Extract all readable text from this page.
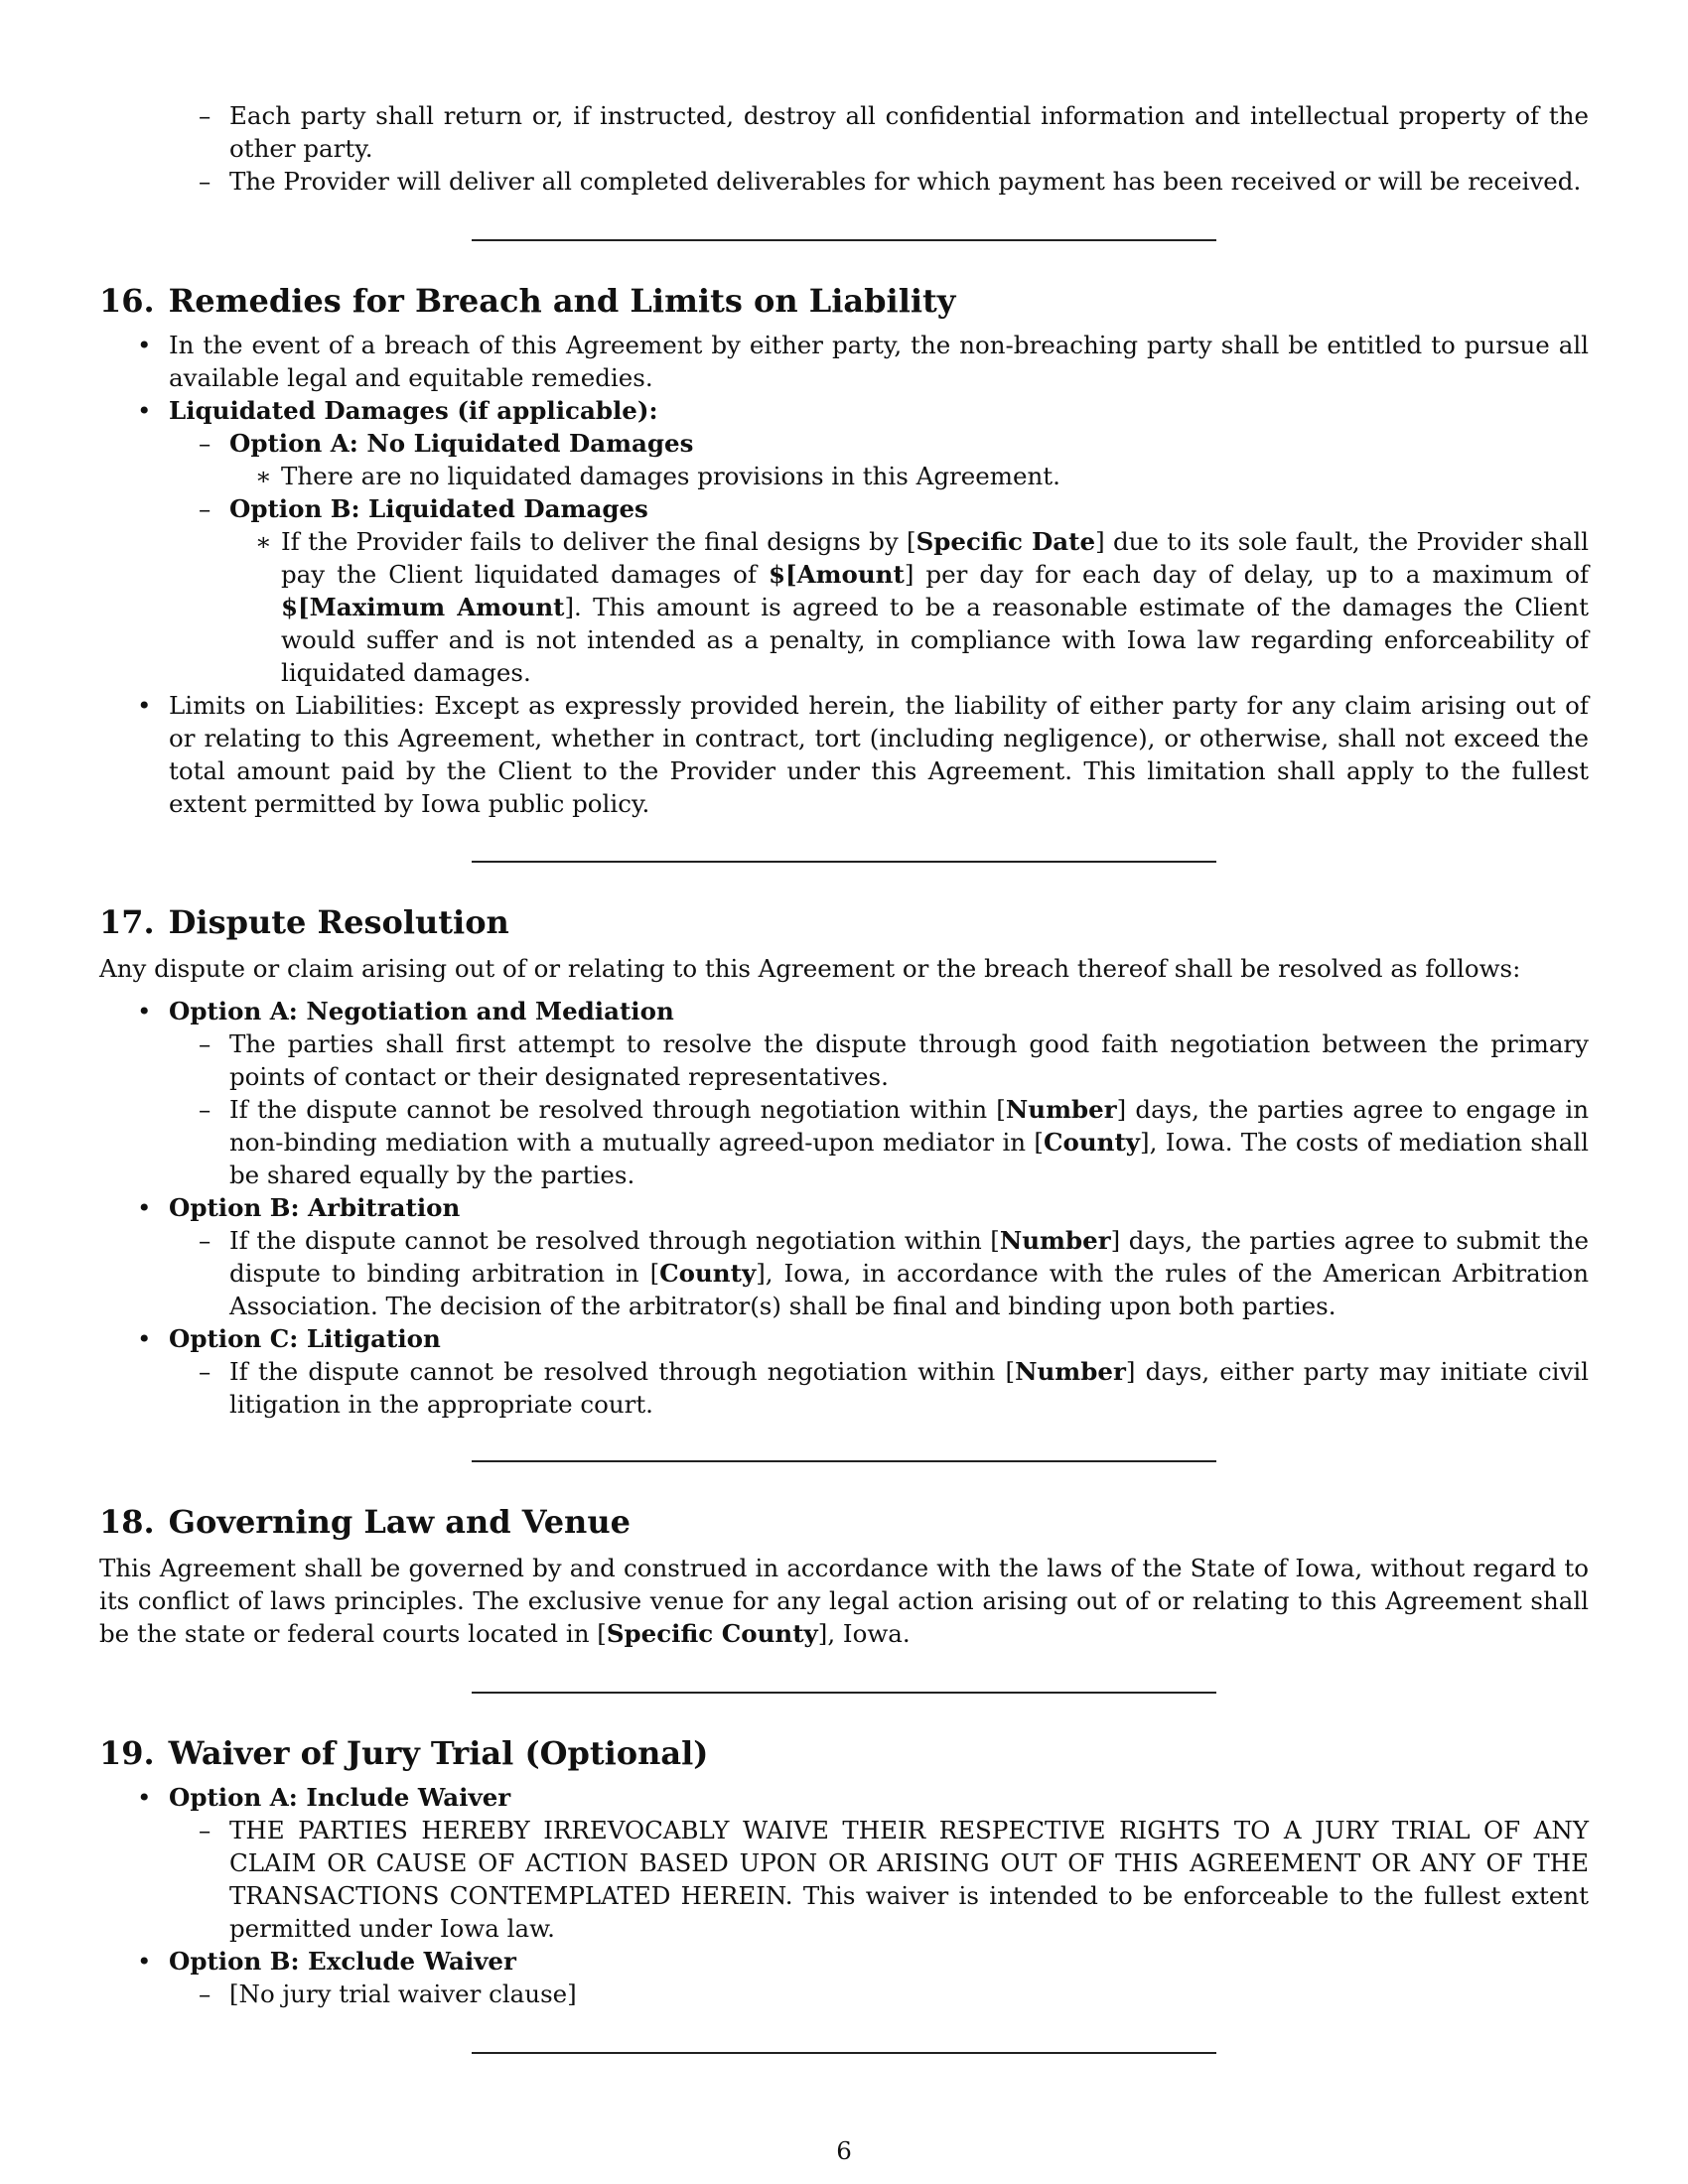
– Each party shall return or, if instructed, destroy all confidential information and intellectual property of the other party.
– The Provider will deliver all completed deliverables for which payment has been received or will be received.
16. Remedies for Breach and Limits on Liability
• In the event of a breach of this Agreement by either party, the non-breaching party shall be entitled to pursue all available legal and equitable remedies.
• Liquidated Damages (if applicable):
– Option A: No Liquidated Damages
∗ There are no liquidated damages provisions in this Agreement.
– Option B: Liquidated Damages
∗ If the Provider fails to deliver the final designs by [Specific Date] due to its sole fault, the Provider shall pay the Client liquidated damages of $[Amount] per day for each day of delay, up to a maximum of $[Maximum Amount]. This amount is agreed to be a reasonable estimate of the damages the Client would suffer and is not intended as a penalty, in compliance with Iowa law regarding enforceability of liquidated damages.
• Limits on Liabilities: Except as expressly provided herein, the liability of either party for any claim arising out of or relating to this Agreement, whether in contract, tort (including negligence), or otherwise, shall not exceed the total amount paid by the Client to the Provider under this Agreement. This limitation shall apply to the fullest extent permitted by Iowa public policy.
17. Dispute Resolution

Any dispute or claim arising out of or relating to this Agreement or the breach thereof shall be resolved as follows:

• Option A: Negotiation and Mediation
– The parties shall first attempt to resolve the dispute through good faith negotiation between the primary points of contact or their designated representatives.
– If the dispute cannot be resolved through negotiation within [Number] days, the parties agree to engage in non-binding mediation with a mutually agreed-upon mediator in [County], Iowa. The costs of mediation shall be shared equally by the parties.
• Option B: Arbitration
– If the dispute cannot be resolved through negotiation within [Number] days, the parties agree to submit the dispute to binding arbitration in [County], Iowa, in accordance with the rules of the American Arbitration Association. The decision of the arbitrator(s) shall be final and binding upon both parties.
• Option C: Litigation
– If the dispute cannot be resolved through negotiation within [Number] days, either party may initiate civil litigation in the appropriate court.
18. Governing Law and Venue

This Agreement shall be governed by and construed in accordance with the laws of the State of Iowa, without regard to its conflict of laws principles. The exclusive venue for any legal action arising out of or relating to this Agreement shall be the state or federal courts located in [Specific County], Iowa.

19. Waiver of Jury Trial (Optional)
• Option A: Include Waiver
– THE PARTIES HEREBY IRREVOCABLY WAIVE THEIR RESPECTIVE RIGHTS TO A JURY TRIAL OF ANY CLAIM OR CAUSE OF ACTION BASED UPON OR ARISING OUT OF THIS AGREEMENT OR ANY OF THE TRANSACTIONS CONTEMPLATED HEREIN. This waiver is intended to be enforceable to the fullest extent permitted under Iowa law.
• Option B: Exclude Waiver
– [No jury trial waiver clause]
6
